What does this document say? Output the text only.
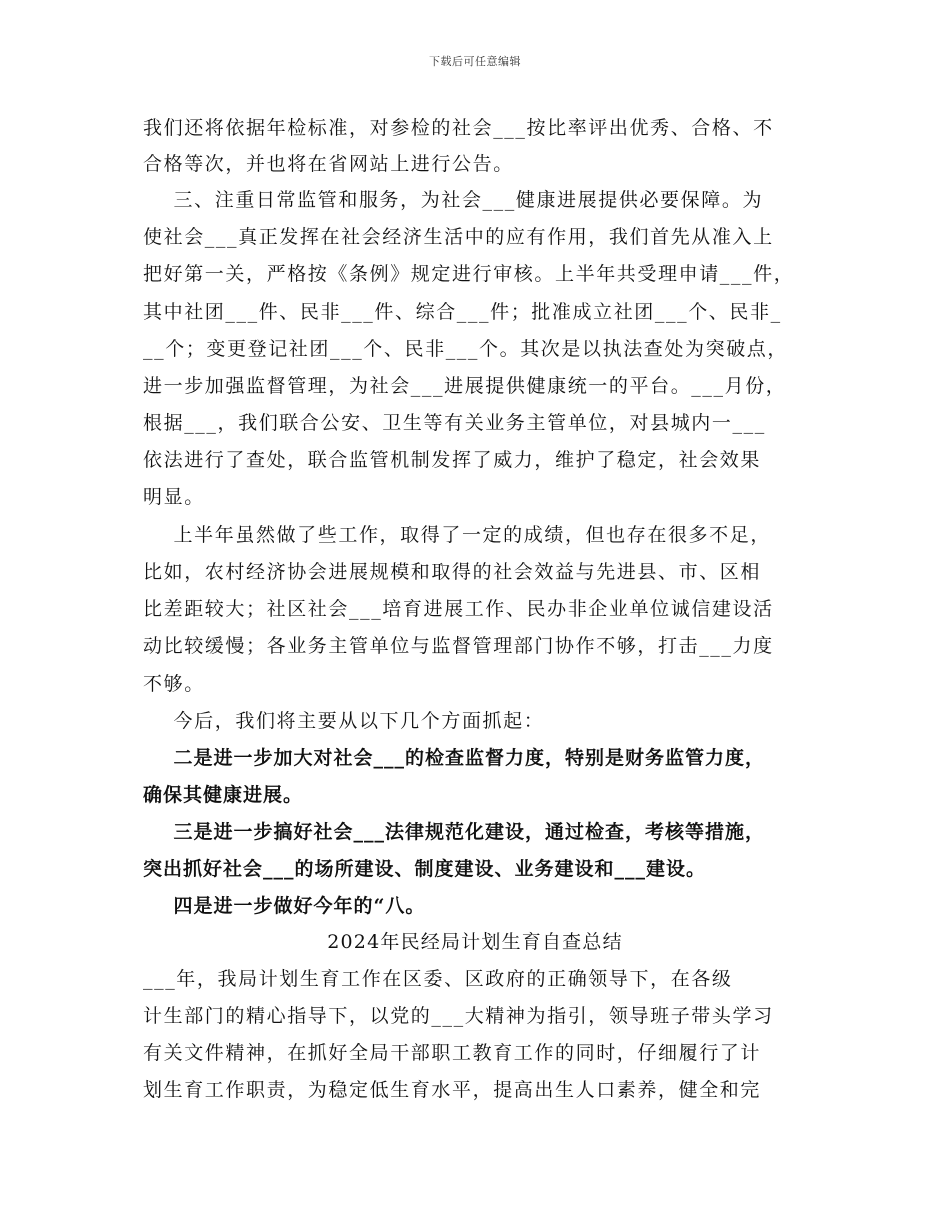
下载后可任意编辑
我们还将依据年检标准，对参检的社会___按比率评出优秀、合格、不
合格等次，并也将在省网站上进行公告。
三、注重日常监管和服务，为社会___健康进展提供必要保障。为
使社会___真正发挥在社会经济生活中的应有作用，我们首先从准入上
把好第一关，严格按《条例》规定进行审核。上半年共受理申请___件，
其中社团___件、民非___件、综合___件；批准成立社团___个、民非_
__个；变更登记社团___个、民非___个。其次是以执法查处为突破点，
进一步加强监督管理，为社会___进展提供健康统一的平台。___月份，
根据___，我们联合公安、卫生等有关业务主管单位，对县城内一___
依法进行了查处，联合监管机制发挥了威力，维护了稳定，社会效果
明显。
上半年虽然做了些工作，取得了一定的成绩，但也存在很多不足，
比如，农村经济协会进展规模和取得的社会效益与先进县、市、区相
比差距较大；社区社会___培育进展工作、民办非企业单位诚信建设活
动比较缓慢；各业务主管单位与监督管理部门协作不够，打击___力度
不够。
今后，我们将主要从以下几个方面抓起：
二是进一步加大对社会___的检查监督力度，特别是财务监管力度，
确保其健康进展。
三是进一步搞好社会___法律规范化建设，通过检查，考核等措施，
突出抓好社会___的场所建设、制度建设、业务建设和___建设。
四是进一步做好今年的“八。
2024年民经局计划生育自查总结
___年，我局计划生育工作在区委、区政府的正确领导下，在各级
计生部门的精心指导下，以党的___大精神为指引，领导班子带头学习
有关文件精神，在抓好全局干部职工教育工作的同时，仔细履行了计
划生育工作职责，为稳定低生育水平，提高出生人口素养，健全和完
